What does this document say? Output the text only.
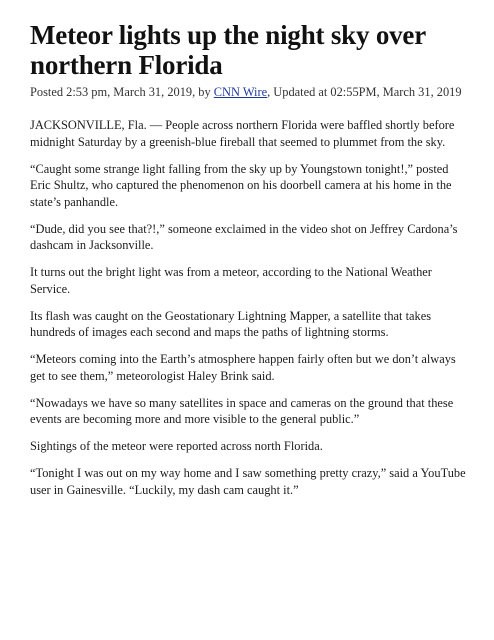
Meteor lights up the night sky over northern Florida
Posted 2:53 pm, March 31, 2019, by CNN Wire, Updated at 02:55PM, March 31, 2019

JACKSONVILLE, Fla. — People across northern Florida were baffled shortly before midnight Saturday by a greenish-blue fireball that seemed to plummet from the sky.

“Caught some strange light falling from the sky up by Youngstown tonight!,” posted Eric Shultz, who captured the phenomenon on his doorbell camera at his home in the state’s panhandle.

“Dude, did you see that?!,” someone exclaimed in the video shot on Jeffrey Cardona’s dashcam in Jacksonville.

It turns out the bright light was from a meteor, according to the National Weather Service.

Its flash was caught on the Geostationary Lightning Mapper, a satellite that takes hundreds of images each second and maps the paths of lightning storms.

“Meteors coming into the Earth’s atmosphere happen fairly often but we don’t always get to see them,” meteorologist Haley Brink said.

“Nowadays we have so many satellites in space and cameras on the ground that these events are becoming more and more visible to the general public.”

Sightings of the meteor were reported across north Florida.

“Tonight I was out on my way home and I saw something pretty crazy,” said a YouTube user in Gainesville. “Luckily, my dash cam caught it.”
